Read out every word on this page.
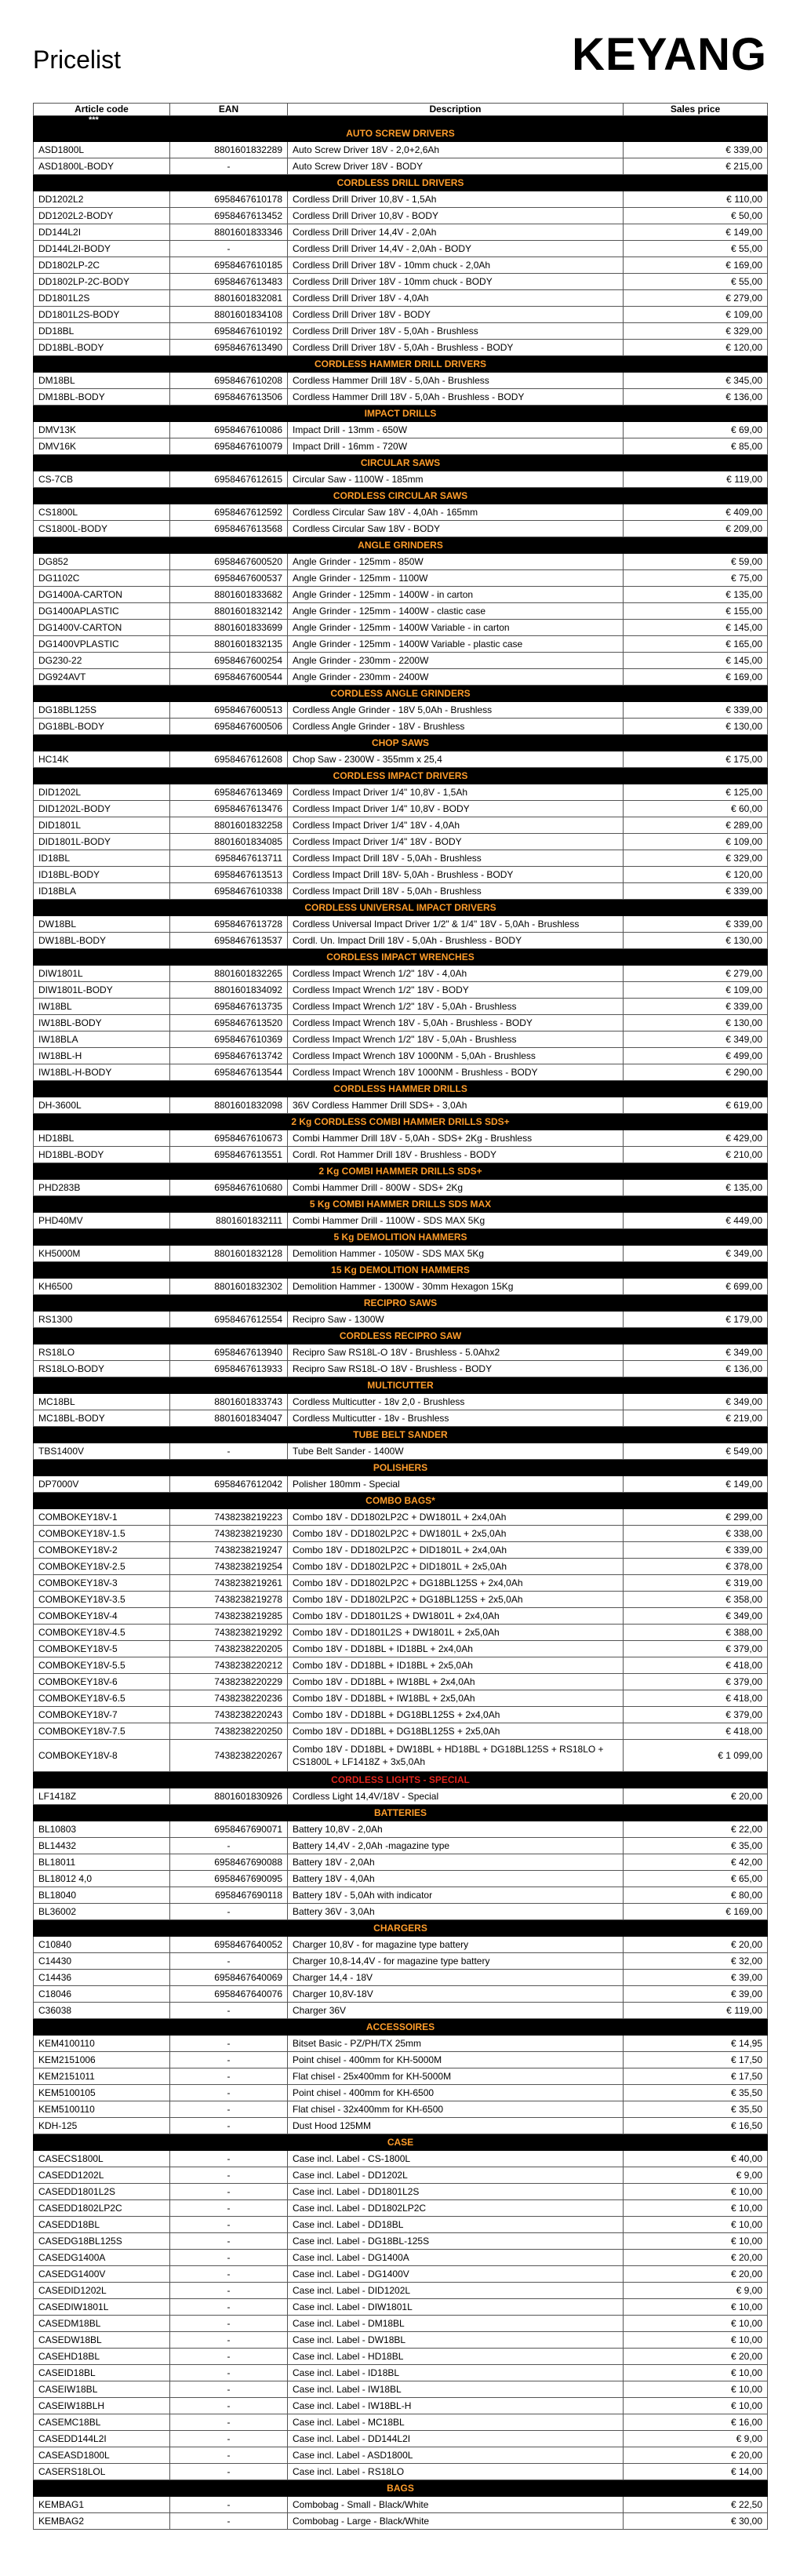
Pricelist	KEYANG
Article code	EAN	Description	Sales price
***			
AUTO SCREW DRIVERS			
ASD1800L	8801601832289	Auto Screw Driver 18V - 2,0+2,6Ah	€ 339,00

ASD1800L-BODY	-	Auto Screw Driver 18V - BODY	€ 215,00

CORDLESS DRILL DRIVERS			
DD1202L2	6958467610178	Cordless Drill Driver 10,8V - 1,5Ah	€ 110,00

DD1202L2-BODY	6958467613452	Cordless Drill Driver 10,8V - BODY	€ 50,00

DD144L2I	8801601833346	Cordless Drill Driver 14,4V - 2,0Ah	€ 149,00

DD144L2I-BODY	-	Cordless Drill Driver 14,4V - 2,0Ah - BODY	€ 55,00

DD1802LP-2C	6958467610185	Cordless Drill Driver 18V - 10mm chuck - 2,0Ah	€ 169,00

DD1802LP-2C-BODY	6958467613483	Cordless Drill Driver 18V - 10mm chuck - BODY	€ 55,00

DD1801L2S	8801601832081	Cordless Drill Driver 18V - 4,0Ah	€ 279,00

DD1801L2S-BODY	8801601834108	Cordless Drill Driver 18V - BODY	€ 109,00

DD18BL	6958467610192	Cordless Drill Driver 18V - 5,0Ah - Brushless	€ 329,00

DD18BL-BODY	6958467613490	Cordless Drill Driver 18V - 5,0Ah - Brushless - BODY	€ 120,00

CORDLESS HAMMER DRILL DRIVERS			
DM18BL	6958467610208	Cordless Hammer Drill 18V - 5,0Ah - Brushless	€ 345,00

DM18BL-BODY	6958467613506	Cordless Hammer Drill 18V - 5,0Ah - Brushless - BODY	€ 136,00

IMPACT DRILLS			
DMV13K	6958467610086	Impact Drill - 13mm - 650W	€ 69,00

DMV16K	6958467610079	Impact Drill - 16mm - 720W	€ 85,00

CIRCULAR SAWS			
CS-7CB	6958467612615	Circular Saw - 1100W - 185mm	€ 119,00

CORDLESS CIRCULAR SAWS			
CS1800L	6958467612592	Cordless Circular Saw 18V - 4,0Ah - 165mm	€ 409,00

CS1800L-BODY	6958467613568	Cordless Circular Saw 18V - BODY	€ 209,00

ANGLE GRINDERS			
DG852	6958467600520	Angle Grinder - 125mm - 850W	€ 59,00

DG1102C	6958467600537	Angle Grinder - 125mm - 1100W	€ 75,00

DG1400A-CARTON	8801601833682	Angle Grinder - 125mm - 1400W - in carton	€ 135,00

DG1400APLASTIC	8801601832142	Angle Grinder - 125mm - 1400W - clastic case	€ 155,00

DG1400V-CARTON	8801601833699	Angle Grinder - 125mm - 1400W Variable - in carton	€ 145,00

DG1400VPLASTIC	8801601832135	Angle Grinder - 125mm - 1400W Variable - plastic case	€ 165,00

DG230-22	6958467600254	Angle Grinder - 230mm - 2200W	€ 145,00

DG924AVT	6958467600544	Angle Grinder - 230mm - 2400W	€ 169,00

CORDLESS ANGLE GRINDERS			
DG18BL125S	6958467600513	Cordless Angle Grinder - 18V 5,0Ah - Brushless	€ 339,00

DG18BL-BODY	6958467600506	Cordless Angle Grinder - 18V - Brushless	€ 130,00

CHOP SAWS			
HC14K	6958467612608	Chop Saw - 2300W - 355mm x 25,4	€ 175,00

CORDLESS IMPACT DRIVERS			
DID1202L	6958467613469	Cordless Impact Driver 1/4" 10,8V - 1,5Ah	€ 125,00

DID1202L-BODY	6958467613476	Cordless Impact Driver 1/4" 10,8V - BODY	€ 60,00

DID1801L	8801601832258	Cordless Impact Driver 1/4" 18V - 4,0Ah	€ 289,00

DID1801L-BODY	8801601834085	Cordless Impact Driver 1/4" 18V - BODY	€ 109,00

ID18BL	6958467613711	Cordless Impact Drill 18V - 5,0Ah - Brushless	€ 329,00

ID18BL-BODY	6958467613513	Cordless Impact Drill 18V- 5,0Ah - Brushless - BODY	€ 120,00

ID18BLA	6958467610338	Cordless Impact Drill 18V - 5,0Ah - Brushless	€ 339,00

CORDLESS UNIVERSAL IMPACT DRIVERS			
DW18BL	6958467613728	Cordless Universal Impact Driver 1/2" & 1/4" 18V - 5,0Ah - Brushless	€ 339,00

DW18BL-BODY	6958467613537	Cordl. Un. Impact Drill 18V - 5,0Ah - Brushless - BODY	€ 130,00

CORDLESS IMPACT WRENCHES			
DIW1801L	8801601832265	Cordless Impact Wrench 1/2" 18V - 4,0Ah	€ 279,00

DIW1801L-BODY	8801601834092	Cordless Impact Wrench 1/2" 18V - BODY	€ 109,00

IW18BL	6958467613735	Cordless Impact Wrench 1/2" 18V - 5,0Ah - Brushless	€ 339,00

IW18BL-BODY	6958467613520	Cordless Impact Wrench 18V - 5,0Ah - Brushless - BODY	€ 130,00

IW18BLA	6958467610369	Cordless Impact Wrench 1/2" 18V - 5,0Ah - Brushless	€ 349,00

IW18BL-H	6958467613742	Cordless Impact Wrench 18V 1000NM - 5,0Ah - Brushless	€ 499,00

IW18BL-H-BODY	6958467613544	Cordless Impact Wrench 18V 1000NM - Brushless - BODY	€ 290,00

CORDLESS HAMMER DRILLS			
DH-3600L	8801601832098	36V Cordless Hammer Drill SDS+ - 3,0Ah	€ 619,00

2 Kg CORDLESS COMBI HAMMER DRILLS SDS+			
HD18BL	6958467610673	Combi Hammer Drill 18V - 5,0Ah - SDS+ 2Kg - Brushless	€ 429,00

HD18BL-BODY	6958467613551	Cordl. Rot Hammer Drill 18V - Brushless - BODY	€ 210,00

2 Kg COMBI HAMMER DRILLS SDS+			
PHD283B	6958467610680	Combi Hammer Drill - 800W - SDS+ 2Kg	€ 135,00

5 Kg COMBI HAMMER DRILLS SDS MAX			
PHD40MV	8801601832111	Combi Hammer Drill - 1100W - SDS MAX 5Kg	€ 449,00

5 Kg DEMOLITION HAMMERS			
KH5000M	8801601832128	Demolition Hammer - 1050W - SDS MAX 5Kg	€ 349,00

15 Kg DEMOLITION HAMMERS			
KH6500	8801601832302	Demolition Hammer - 1300W - 30mm Hexagon 15Kg	€ 699,00

RECIPRO SAWS			
RS1300	6958467612554	Recipro Saw - 1300W	€ 179,00

CORDLESS RECIPRO SAW			
RS18LO	6958467613940	Recipro Saw RS18L-O 18V - Brushless - 5.0Ahx2	€ 349,00

RS18LO-BODY	6958467613933	Recipro Saw RS18L-O 18V - Brushless - BODY	€ 136,00

MULTICUTTER			
MC18BL	8801601833743	Cordless Multicutter - 18v 2,0 - Brushless	€ 349,00

MC18BL-BODY	8801601834047	Cordless Multicutter - 18v - Brushless	€ 219,00

TUBE BELT SANDER			
TBS1400V	-	Tube Belt Sander - 1400W	€ 549,00

POLISHERS			
DP7000V	6958467612042	Polisher 180mm - Special	€ 149,00

COMBO BAGS*			
COMBOKEY18V-1	7438238219223	Combo 18V - DD1802LP2C + DW1801L + 2x4,0Ah	€ 299,00

COMBOKEY18V-1.5	7438238219230	Combo 18V - DD1802LP2C + DW1801L + 2x5,0Ah	€ 338,00

COMBOKEY18V-2	7438238219247	Combo 18V - DD1802LP2C + DID1801L + 2x4,0Ah	€ 339,00

COMBOKEY18V-2.5	7438238219254	Combo 18V - DD1802LP2C + DID1801L + 2x5,0Ah	€ 378,00

COMBOKEY18V-3	7438238219261	Combo 18V - DD1802LP2C + DG18BL125S + 2x4,0Ah	€ 319,00

COMBOKEY18V-3.5	7438238219278	Combo 18V - DD1802LP2C + DG18BL125S + 2x5,0Ah	€ 358,00

COMBOKEY18V-4	7438238219285	Combo 18V - DD1801L2S + DW1801L + 2x4,0Ah	€ 349,00

COMBOKEY18V-4.5	7438238219292	Combo 18V - DD1801L2S + DW1801L + 2x5,0Ah	€ 388,00

COMBOKEY18V-5	7438238220205	Combo 18V - DD18BL + ID18BL + 2x4,0Ah	€ 379,00

COMBOKEY18V-5.5	7438238220212	Combo 18V - DD18BL + ID18BL + 2x5,0Ah	€ 418,00

COMBOKEY18V-6	7438238220229	Combo 18V - DD18BL + IW18BL + 2x4,0Ah	€ 379,00

COMBOKEY18V-6.5	7438238220236	Combo 18V - DD18BL + IW18BL + 2x5,0Ah	€ 418,00

COMBOKEY18V-7	7438238220243	Combo 18V - DD18BL + DG18BL125S + 2x4,0Ah	€ 379,00

COMBOKEY18V-7.5	7438238220250	Combo 18V - DD18BL + DG18BL125S + 2x5,0Ah	€ 418,00

COMBOKEY18V-8	7438238220267	Combo 18V - DD18BL + DW18BL + HD18BL + DG18BL125S + RS18LO + CS1800L + LF1418Z + 3x5,0Ah	€ 1 099,00

CORDLESS LIGHTS - SPECIAL			
LF1418Z	8801601830926	Cordless Light 14,4V/18V - Special	€ 20,00

BATTERIES			
BL10803	6958467690071	Battery 10,8V - 2,0Ah	€ 22,00

BL14432	-	Battery 14,4V - 2,0Ah -magazine type	€ 35,00

BL18011	6958467690088	Battery 18V - 2,0Ah	€ 42,00

BL18012 4,0	6958467690095	Battery 18V - 4,0Ah	€ 65,00

BL18040	6958467690118	Battery 18V - 5,0Ah with indicator	€ 80,00

BL36002	-	Battery 36V - 3,0Ah	€ 169,00

CHARGERS			
C10840	6958467640052	Charger 10,8V - for magazine type battery	€ 20,00

C14430	-	Charger 10,8-14,4V - for magazine type battery	€ 32,00

C14436	6958467640069	Charger 14,4 - 18V	€ 39,00

C18046	6958467640076	Charger 10,8V-18V	€ 39,00

C36038	-	Charger 36V	€ 119,00

ACCESSOIRES			
KEM4100110	-	Bitset Basic - PZ/PH/TX 25mm	€ 14,95

KEM2151006	-	Point chisel - 400mm for KH-5000M	€ 17,50

KEM2151011	-	Flat chisel - 25x400mm for KH-5000M	€ 17,50

KEM5100105	-	Point chisel - 400mm for KH-6500	€ 35,50

KEM5100110	-	Flat chisel - 32x400mm for KH-6500	€ 35,50

KDH-125	-	Dust Hood 125MM	€ 16,50

CASE			
CASECS1800L	-	Case incl. Label - CS-1800L	€ 40,00

CASEDD1202L	-	Case incl. Label - DD1202L	€ 9,00

CASEDD1801L2S	-	Case incl. Label - DD1801L2S	€ 10,00

CASEDD1802LP2C	-	Case incl. Label - DD1802LP2C	€ 10,00

CASEDD18BL	-	Case incl. Label - DD18BL	€ 10,00

CASEDG18BL125S	-	Case incl. Label - DG18BL-125S	€ 10,00

CASEDG1400A	-	Case incl. Label - DG1400A	€ 20,00

CASEDG1400V	-	Case incl. Label - DG1400V	€ 20,00

CASEDID1202L	-	Case incl. Label - DID1202L	€ 9,00

CASEDIW1801L	-	Case incl. Label - DIW1801L	€ 10,00

CASEDM18BL	-	Case incl. Label - DM18BL	€ 10,00

CASEDW18BL	-	Case incl. Label - DW18BL	€ 10,00

CASEHD18BL	-	Case incl. Label - HD18BL	€ 20,00

CASEID18BL	-	Case incl. Label - ID18BL	€ 10,00

CASEIW18BL	-	Case incl. Label - IW18BL	€ 10,00

CASEIW18BLH	-	Case incl. Label - IW18BL-H	€ 10,00

CASEMC18BL	-	Case incl. Label - MC18BL	€ 16,00

CASEDD144L2I	-	Case incl. Label - DD144L2I	€ 9,00

CASEASD1800L	-	Case incl. Label - ASD1800L	€ 20,00

CASERS18LOL	-	Case incl. Label - RS18LO	€ 14,00

BAGS			
KEMBAG1	-	Combobag - Small - Black/White	€ 22,50

KEMBAG2	-	Combobag - Large - Black/White	€ 30,00
